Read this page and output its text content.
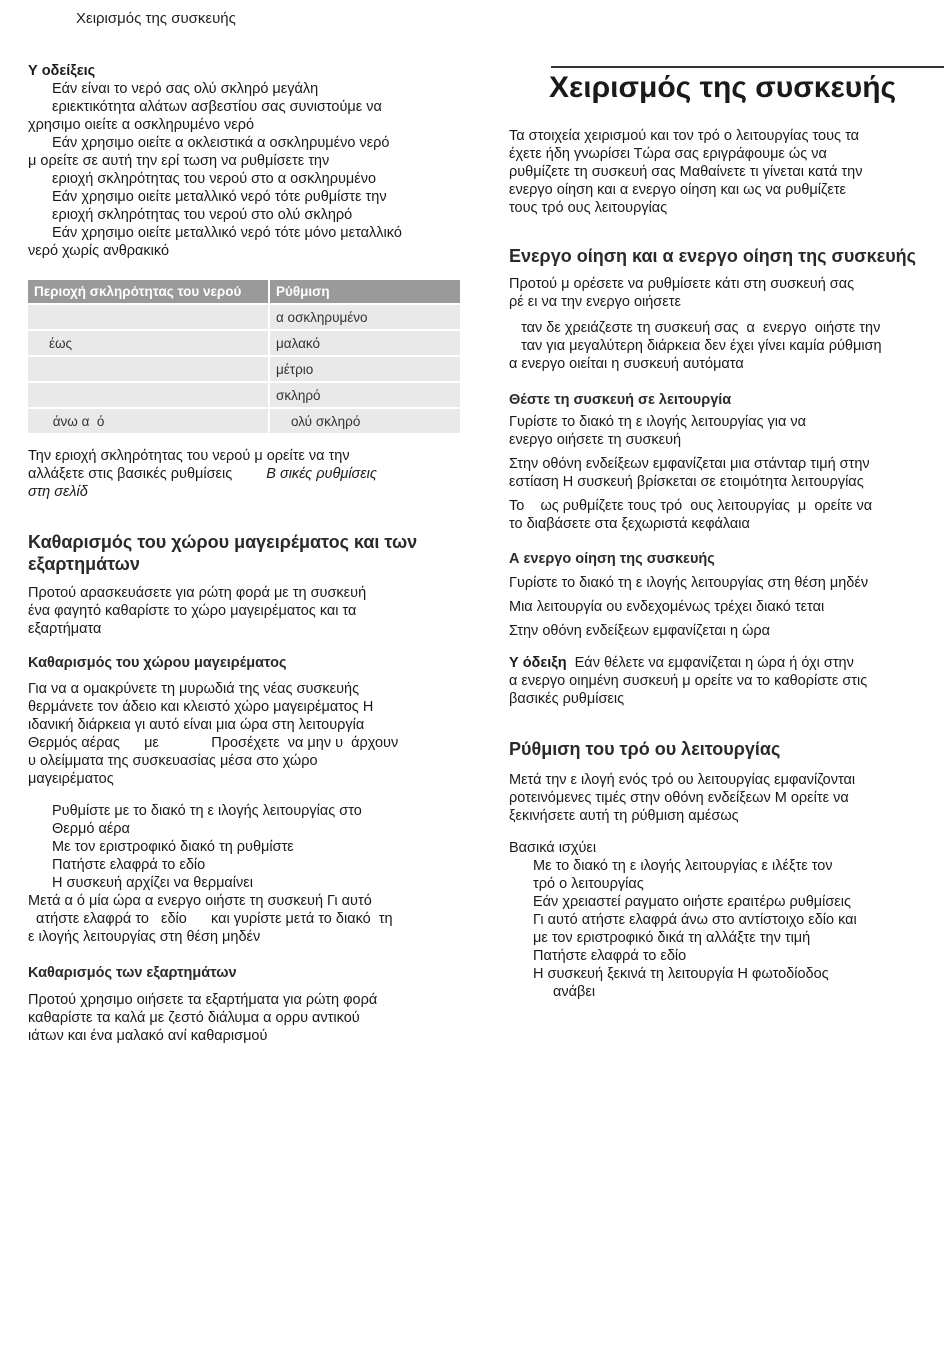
Χειρισμός της συσκευής
Υ οδείξεις
Εάν είναι το νερό σας ολύ σκληρό μεγάλη
εριεκτικότητα αλάτων ασβεστίου σας συνιστούμε να
χρησιμο οιείτε α οσκληρυμένο νερό
Εάν χρησιμο οιείτε α οκλειστικά α οσκληρυμένο νερό
μ ορείτε σε αυτή την ερί τωση να ρυθμίσετε την
εριοχή σκληρότητας του νερού στο α οσκληρυμένο
Εάν χρησιμο οιείτε μεταλλικό νερό τότε ρυθμίστε την
εριοχή σκληρότητας του νερού στο ολύ σκληρό
Εάν χρησιμο οιείτε μεταλλικό νερό τότε μόνο μεταλλικό
νερό χωρίς ανθρακικό
Περιοχή σκληρότητας του νερού	Ρύθμιση
	α οσκληρυμένο
έως	μαλακό
	μέτριο
	σκληρό
άνω α  ό	ολύ σκληρό
Την εριοχή σκληρότητας του νερού μ ορείτε να την
αλλάξετε στις βασικές ρυθμίσεις Β σικές ρυθμίσεις
στη σελίδ
Καθαρισμός του χώρου μαγειρέματος και των εξαρτημάτων
Προτού αρασκευάσετε για ρώτη φορά με τη συσκευή
ένα φαγητό καθαρίστε το χώρο μαγειρέματος και τα
εξαρτήματα
Καθαρισμός του χώρου μαγειρέματος
Για να α ομακρύνετε τη μυρωδιά της νέας συσκευής
θερμάνετε τον άδειο και κλειστό χώρο μαγειρέματος Η
ιδανική διάρκεια γι αυτό είναι μια ώρα στη λειτουργία
Θερμός αέρας      με             Προσέχετε  να μην υ  άρχουν
υ ολείμματα της συσκευασίας μέσα στο χώρο
μαγειρέματος
Ρυθμίστε με το διακό τη ε ιλογής λειτουργίας στο
Θερμό αέρα
Με τον εριστροφικό διακό τη ρυθμίστε
Πατήστε ελαφρά το εδίο
Η συσκευή αρχίζει να θερμαίνει
Μετά α ό μία ώρα α ενεργο οιήστε τη συσκευή Γι αυτό
ατήστε ελαφρά το   εδίο      και γυρίστε μετά το διακό  τη
ε ιλογής λειτουργίας στη θέση μηδέν
Καθαρισμός των εξαρτημάτων
Προτού χρησιμο οιήσετε τα εξαρτήματα για ρώτη φορά
καθαρίστε τα καλά με ζεστό διάλυμα α ορρυ αντικού
ιάτων και ένα μαλακό ανί καθαρισμού
Χειρισμός της συσκευής
Τα στοιχεία χειρισμού και τον τρό ο λειτουργίας τους τα
έχετε ήδη γνωρίσει Τώρα σας εριγράφουμε ώς να
ρυθμίζετε τη συσκευή σας Μαθαίνετε τι γίνεται κατά την
ενεργο οίηση και α ενεργο οίηση και ως να ρυθμίζετε
τους τρό ους λειτουργίας
Ενεργο οίηση και α ενεργο οίηση της συσκευής
Προτού μ ορέσετε να ρυθμίσετε κάτι στη συσκευή σας
ρέ ει να την ενεργο οιήσετε
ταν δε χρειάζεστε τη συσκευή σας  α  ενεργο  οιήστε την
ταν για μεγαλύτερη διάρκεια δεν έχει γίνει καμία ρύθμιση
α ενεργο οιείται η συσκευή αυτόματα
Θέστε τη συσκευή σε λειτουργία
Γυρίστε το διακό τη ε ιλογής λειτουργίας για να
ενεργο οιήσετε τη συσκευή
Στην οθόνη ενδείξεων εμφανίζεται μια στάνταρ τιμή στην
εστίαση Η συσκευή βρίσκεται σε ετοιμότητα λειτουργίας
Το    ως ρυθμίζετε τους τρό  ους λειτουργίας  μ  ορείτε να
το διαβάσετε στα ξεχωριστά κεφάλαια
Α ενεργο οίηση της συσκευής
Γυρίστε το διακό τη ε ιλογής λειτουργίας στη θέση μηδέν
Μια λειτουργία ου ενδεχομένως τρέχει διακό τεται
Στην οθόνη ενδείξεων εμφανίζεται η ώρα
Υ όδειξη  Εάν θέλετε να εμφανίζεται η ώρα ή όχι στην
α ενεργο οιημένη συσκευή μ ορείτε να το καθορίστε στις
βασικές ρυθμίσεις
Ρύθμιση του τρό ου λειτουργίας
Μετά την ε ιλογή ενός τρό ου λειτουργίας εμφανίζονται
ροτεινόμενες τιμές στην οθόνη ενδείξεων Μ ορείτε να
ξεκινήσετε αυτή τη ρύθμιση αμέσως
Βασικά ισχύει
Με το διακό τη ε ιλογής λειτουργίας ε ιλέξτε τον
τρό ο λειτουργίας
Εάν χρειαστεί ραγματο οιήστε εραιτέρω ρυθμίσεις
Γι αυτό ατήστε ελαφρά άνω στο αντίστοιχο εδίο και
με τον εριστροφικό δικά τη αλλάξτε την τιμή
Πατήστε ελαφρά το εδίο
Η συσκευή ξεκινά τη λειτουργία Η φωτοδίοδος
ανάβει
